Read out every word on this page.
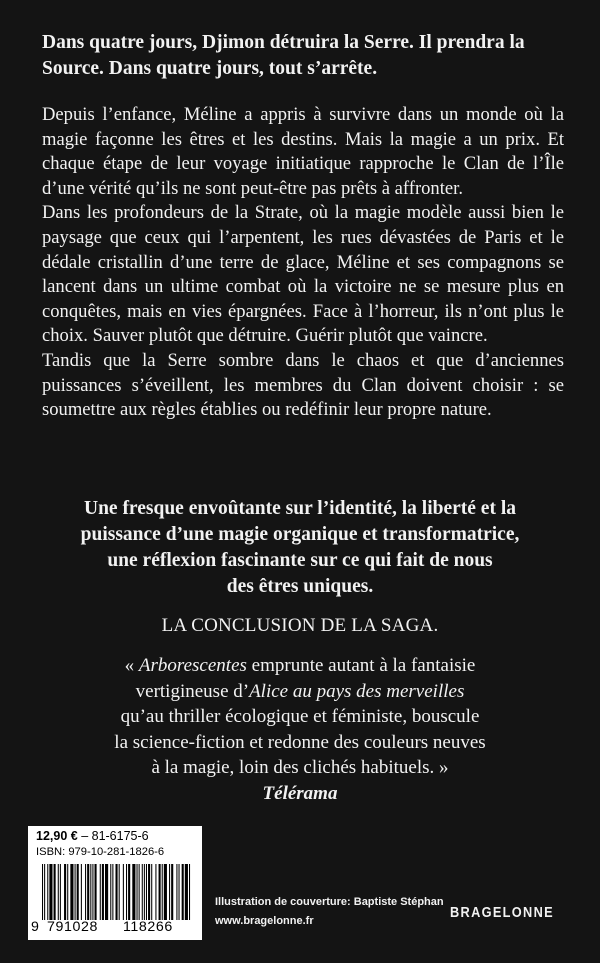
Dans quatre jours, Djimon détruira la Serre. Il prendra la
Source. Dans quatre jours, tout s’arrête.

Depuis l’enfance, Méline a appris à survivre dans un monde où la magie façonne les êtres et les destins. Mais la magie a un prix. Et chaque étape de leur voyage initiatique rapproche le Clan de l’Île d’une vérité qu’ils ne sont peut-être pas prêts à affronter.

Dans les profondeurs de la Strate, où la magie modèle aussi bien le paysage que ceux qui l’arpentent, les rues dévastées de Paris et le dédale cristallin d’une terre de glace, Méline et ses compagnons se lancent dans un ultime combat où la victoire ne se mesure plus en conquêtes, mais en vies épargnées. Face à l’horreur, ils n’ont plus le choix. Sauver plutôt que détruire. Guérir plutôt que vaincre.

Tandis que la Serre sombre dans le chaos et que d’anciennes puissances s’éveillent, les membres du Clan doivent choisir : se soumettre aux règles établies ou redéfinir leur propre nature.

Une fresque envoûtante sur l’identité, la liberté et la
puissance d’une magie organique et transformatrice,
une réflexion fascinante sur ce qui fait de nous
des êtres uniques.
LA CONCLUSION DE LA SAGA.
« Arborescentes emprunte autant à la fantaisie
vertigineuse d’Alice au pays des merveilles
qu’au thriller écologique et féministe, bouscule
la science-fiction et redonne des couleurs neuves
à la magie, loin des clichés habituels. »
Télérama
12,90 € – 81-6175-6
ISBN: 979-10-281-1826-6
9 791028 118266
Illustration de couverture: Baptiste Stéphan
www.bragelonne.fr	BRAGELONNE
